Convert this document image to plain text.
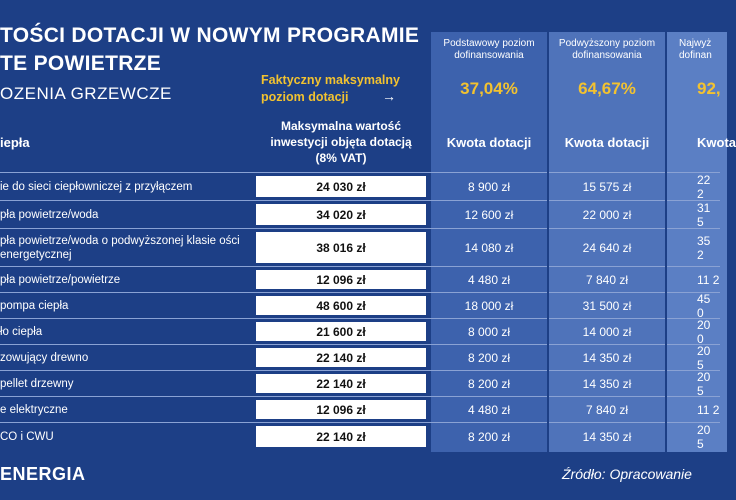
TOŚCI DOTACJI W NOWYM PROGRAMIE
TE POWIETRZE
OZENIA GRZEWCZE
Podstawowy poziom
dofinansowania
Podwyższony poziom
dofinansowania
Najwyż
dofinan
Faktyczny maksymalny
poziom dotacji	→	37,04%	64,67%	92,
iepła
Maksymalna wartość
inwestycji objęta dotacją
(8% VAT)
Kwota dotacji	Kwota dotacji	Kwota
ie do sieci ciepłowniczej z przyłączem	24 030 zł	8 900 zł	15 575 zł	22 2
pła powietrze/woda	34 020 zł	12 600 zł	22 000 zł	31 5
pła powietrze/woda o podwyższonej klasie ości energetycznej	38 016 zł	14 080 zł	24 640 zł	35 2
pła powietrze/powietrze	12 096 zł	4 480 zł	7 840 zł	11 2
pompa ciepła	48 600 zł	18 000 zł	31 500 zł	45 0
ło ciepła	21 600 zł	8 000 zł	14 000 zł	20 0
zowujący drewno	22 140 zł	8 200 zł	14 350 zł	20 5
pellet drzewny	22 140 zł	8 200 zł	14 350 zł	20 5
e elektryczne	12 096 zł	4 480 zł	7 840 zł	11 2
CO i CWU	22 140 zł	8 200 zł	14 350 zł	20 5
ENERGIA	Źródło: Opracowanie
